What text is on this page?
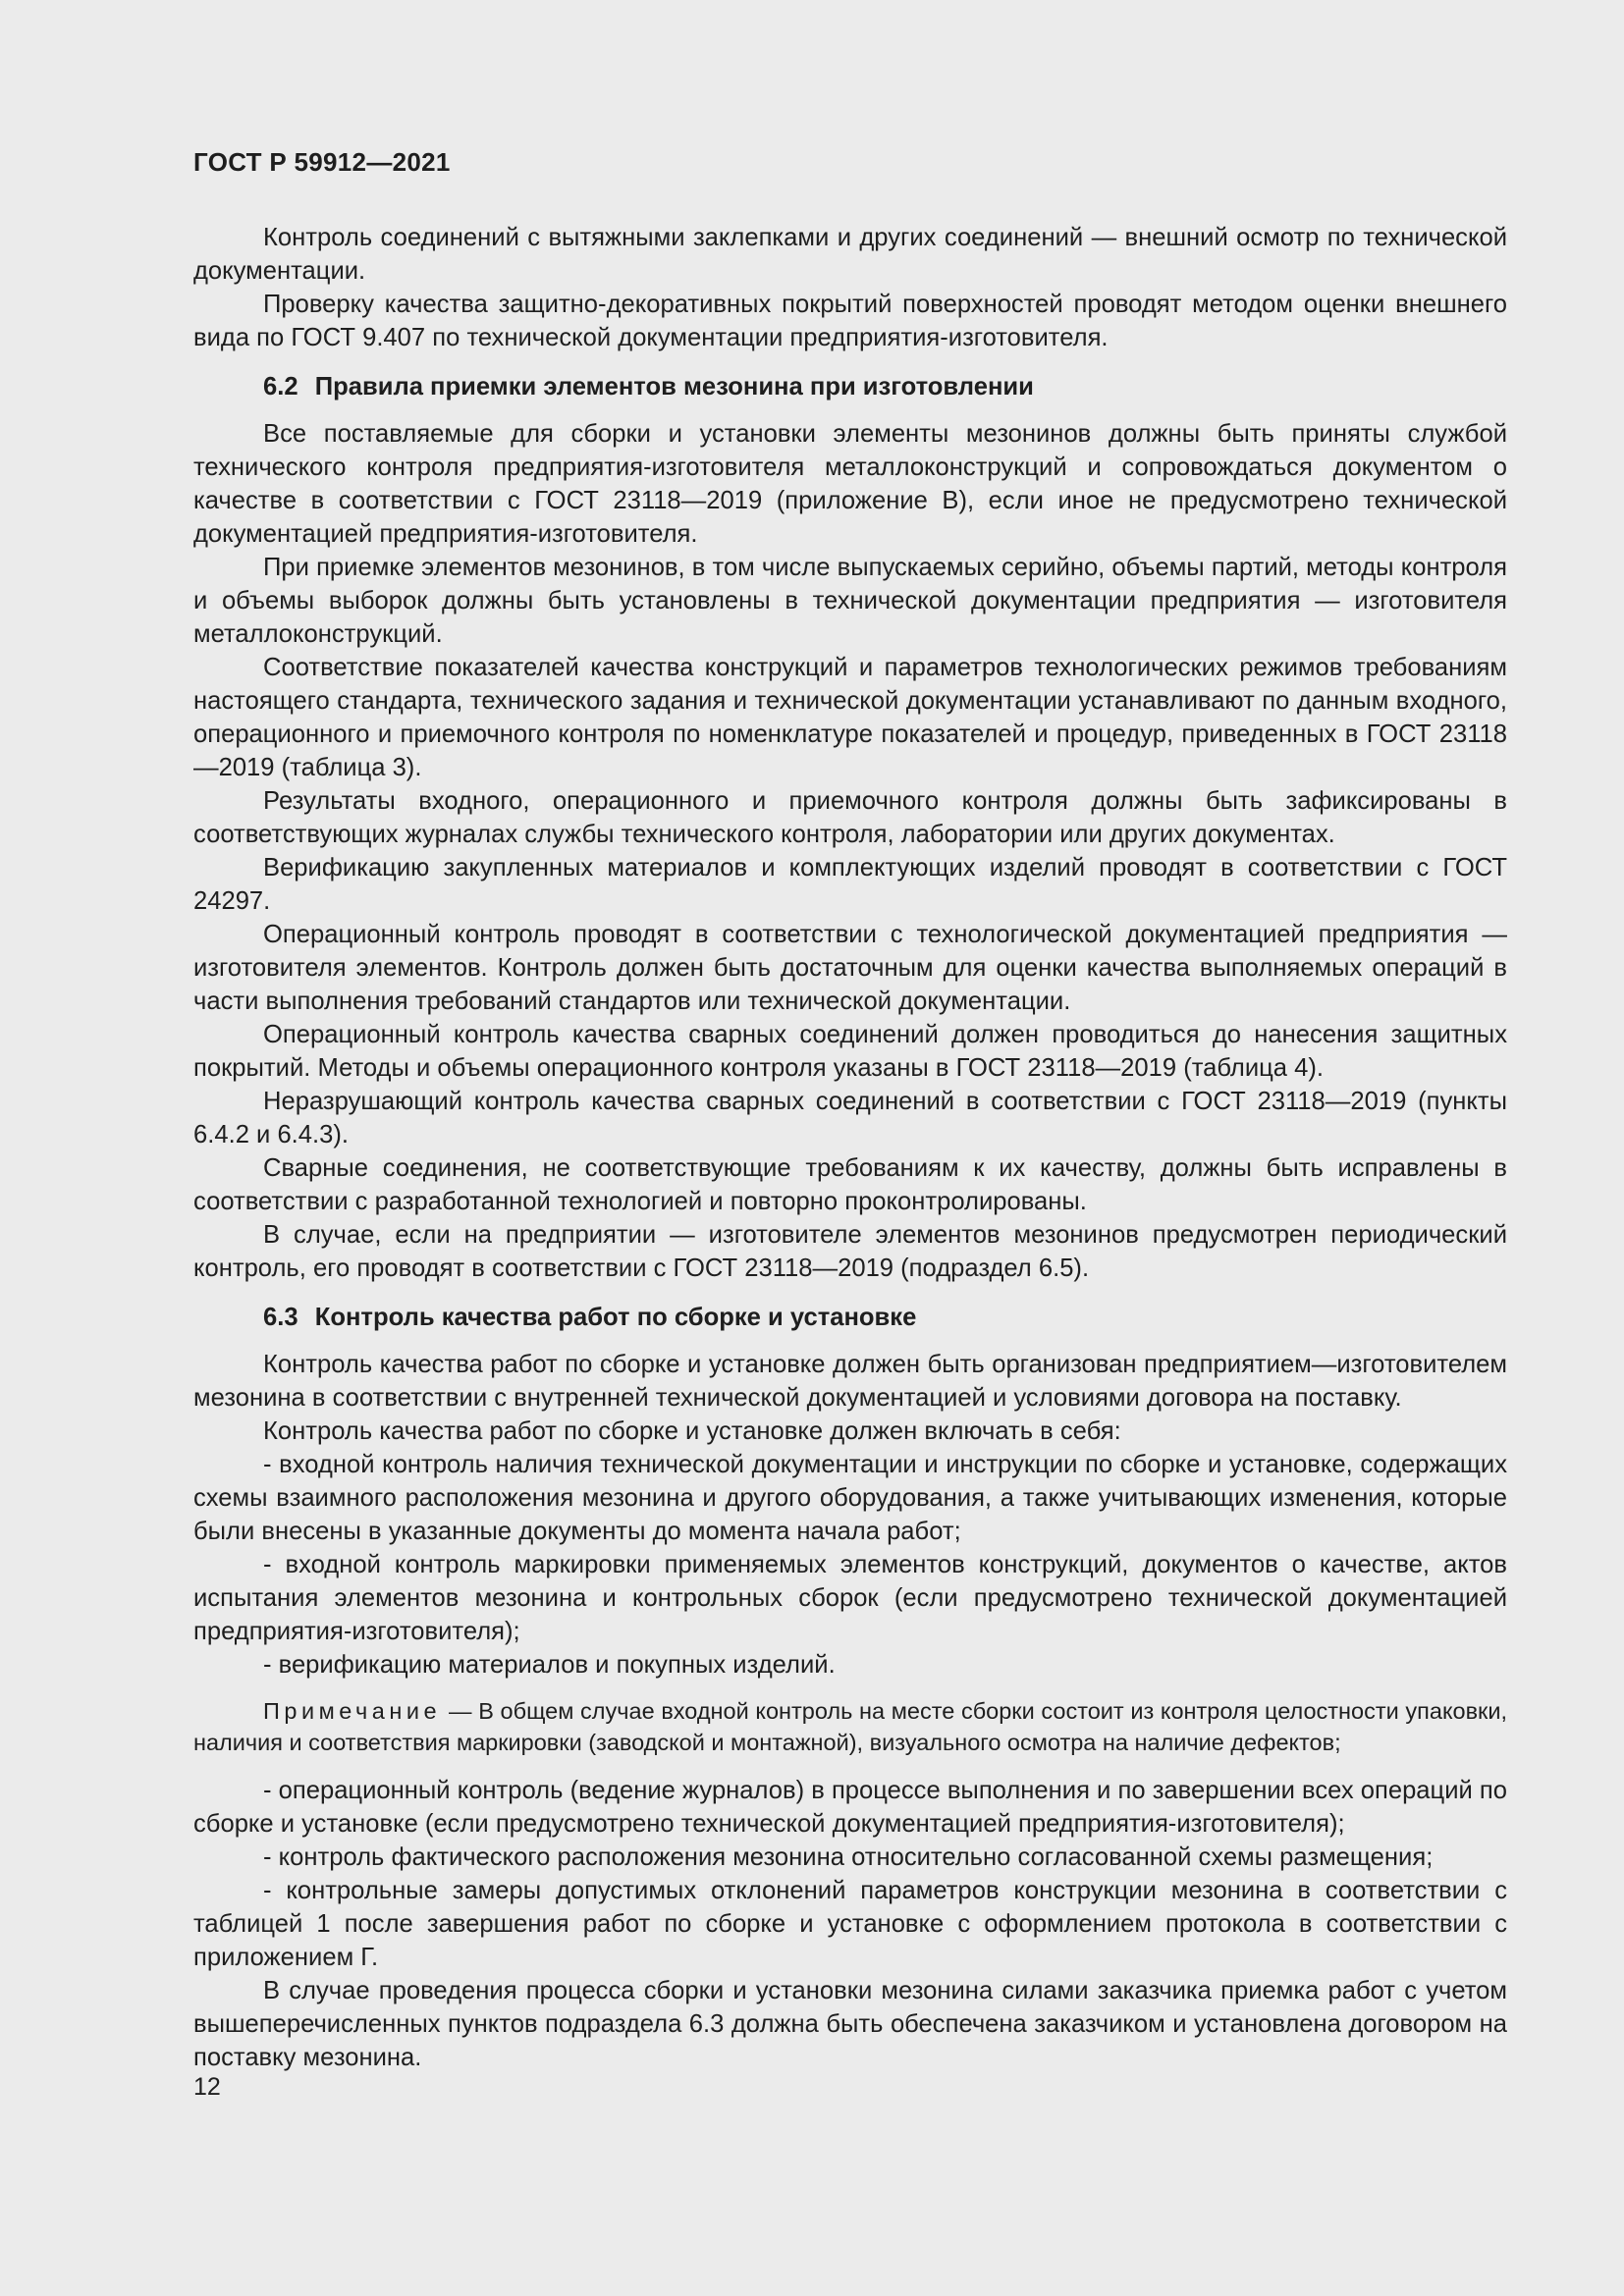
ГОСТ Р 59912—2021

Контроль соединений с вытяжными заклепками и других соединений — внешний осмотр по технической документации.

Проверку качества защитно-декоративных покрытий поверхностей проводят методом оценки внешнего вида по ГОСТ 9.407 по технической документации предприятия-изготовителя.

6.2 Правила приемки элементов мезонина при изготовлении

Все поставляемые для сборки и установки элементы мезонинов должны быть приняты службой технического контроля предприятия-изготовителя металлоконструкций и сопровождаться документом о качестве в соответствии с ГОСТ 23118—2019 (приложение В), если иное не предусмотрено технической документацией предприятия-изготовителя.

При приемке элементов мезонинов, в том числе выпускаемых серийно, объемы партий, методы контроля и объемы выборок должны быть установлены в технической документации предприятия — изготовителя металлоконструкций.

Соответствие показателей качества конструкций и параметров технологических режимов требованиям настоящего стандарта, технического задания и технической документации устанавливают по данным входного, операционного и приемочного контроля по номенклатуре показателей и процедур, приведенных в ГОСТ 23118—2019 (таблица 3).

Результаты входного, операционного и приемочного контроля должны быть зафиксированы в соответствующих журналах службы технического контроля, лаборатории или других документах.

Верификацию закупленных материалов и комплектующих изделий проводят в соответствии с ГОСТ 24297.

Операционный контроль проводят в соответствии с технологической документацией предприятия — изготовителя элементов. Контроль должен быть достаточным для оценки качества выполняемых операций в части выполнения требований стандартов или технической документации.

Операционный контроль качества сварных соединений должен проводиться до нанесения защитных покрытий. Методы и объемы операционного контроля указаны в ГОСТ 23118—2019 (таблица 4).

Неразрушающий контроль качества сварных соединений в соответствии с ГОСТ 23118—2019 (пункты 6.4.2 и 6.4.3).

Сварные соединения, не соответствующие требованиям к их качеству, должны быть исправлены в соответствии с разработанной технологией и повторно проконтролированы.

В случае, если на предприятии — изготовителе элементов мезонинов предусмотрен периодический контроль, его проводят в соответствии с ГОСТ 23118—2019 (подраздел 6.5).

6.3 Контроль качества работ по сборке и установке

Контроль качества работ по сборке и установке должен быть организован предприятием—изготовителем мезонина в соответствии с внутренней технической документацией и условиями договора на поставку.

Контроль качества работ по сборке и установке должен включать в себя:

- входной контроль наличия технической документации и инструкции по сборке и установке, содержащих схемы взаимного расположения мезонина и другого оборудования, а также учитывающих изменения, которые были внесены в указанные документы до момента начала работ;

- входной контроль маркировки применяемых элементов конструкций, документов о качестве, актов испытания элементов мезонина и контрольных сборок (если предусмотрено технической документацией предприятия-изготовителя);

- верификацию материалов и покупных изделий.

Примечание — В общем случае входной контроль на месте сборки состоит из контроля целостности упаковки, наличия и соответствия маркировки (заводской и монтажной), визуального осмотра на наличие дефектов;

- операционный контроль (ведение журналов) в процессе выполнения и по завершении всех операций по сборке и установке (если предусмотрено технической документацией предприятия-изготовителя);

- контроль фактического расположения мезонина относительно согласованной схемы размещения;

- контрольные замеры допустимых отклонений параметров конструкции мезонина в соответствии с таблицей 1 после завершения работ по сборке и установке с оформлением протокола в соответствии с приложением Г.

В случае проведения процесса сборки и установки мезонина силами заказчика приемка работ с учетом вышеперечисленных пунктов подраздела 6.3 должна быть обеспечена заказчиком и установлена договором на поставку мезонина.

12
